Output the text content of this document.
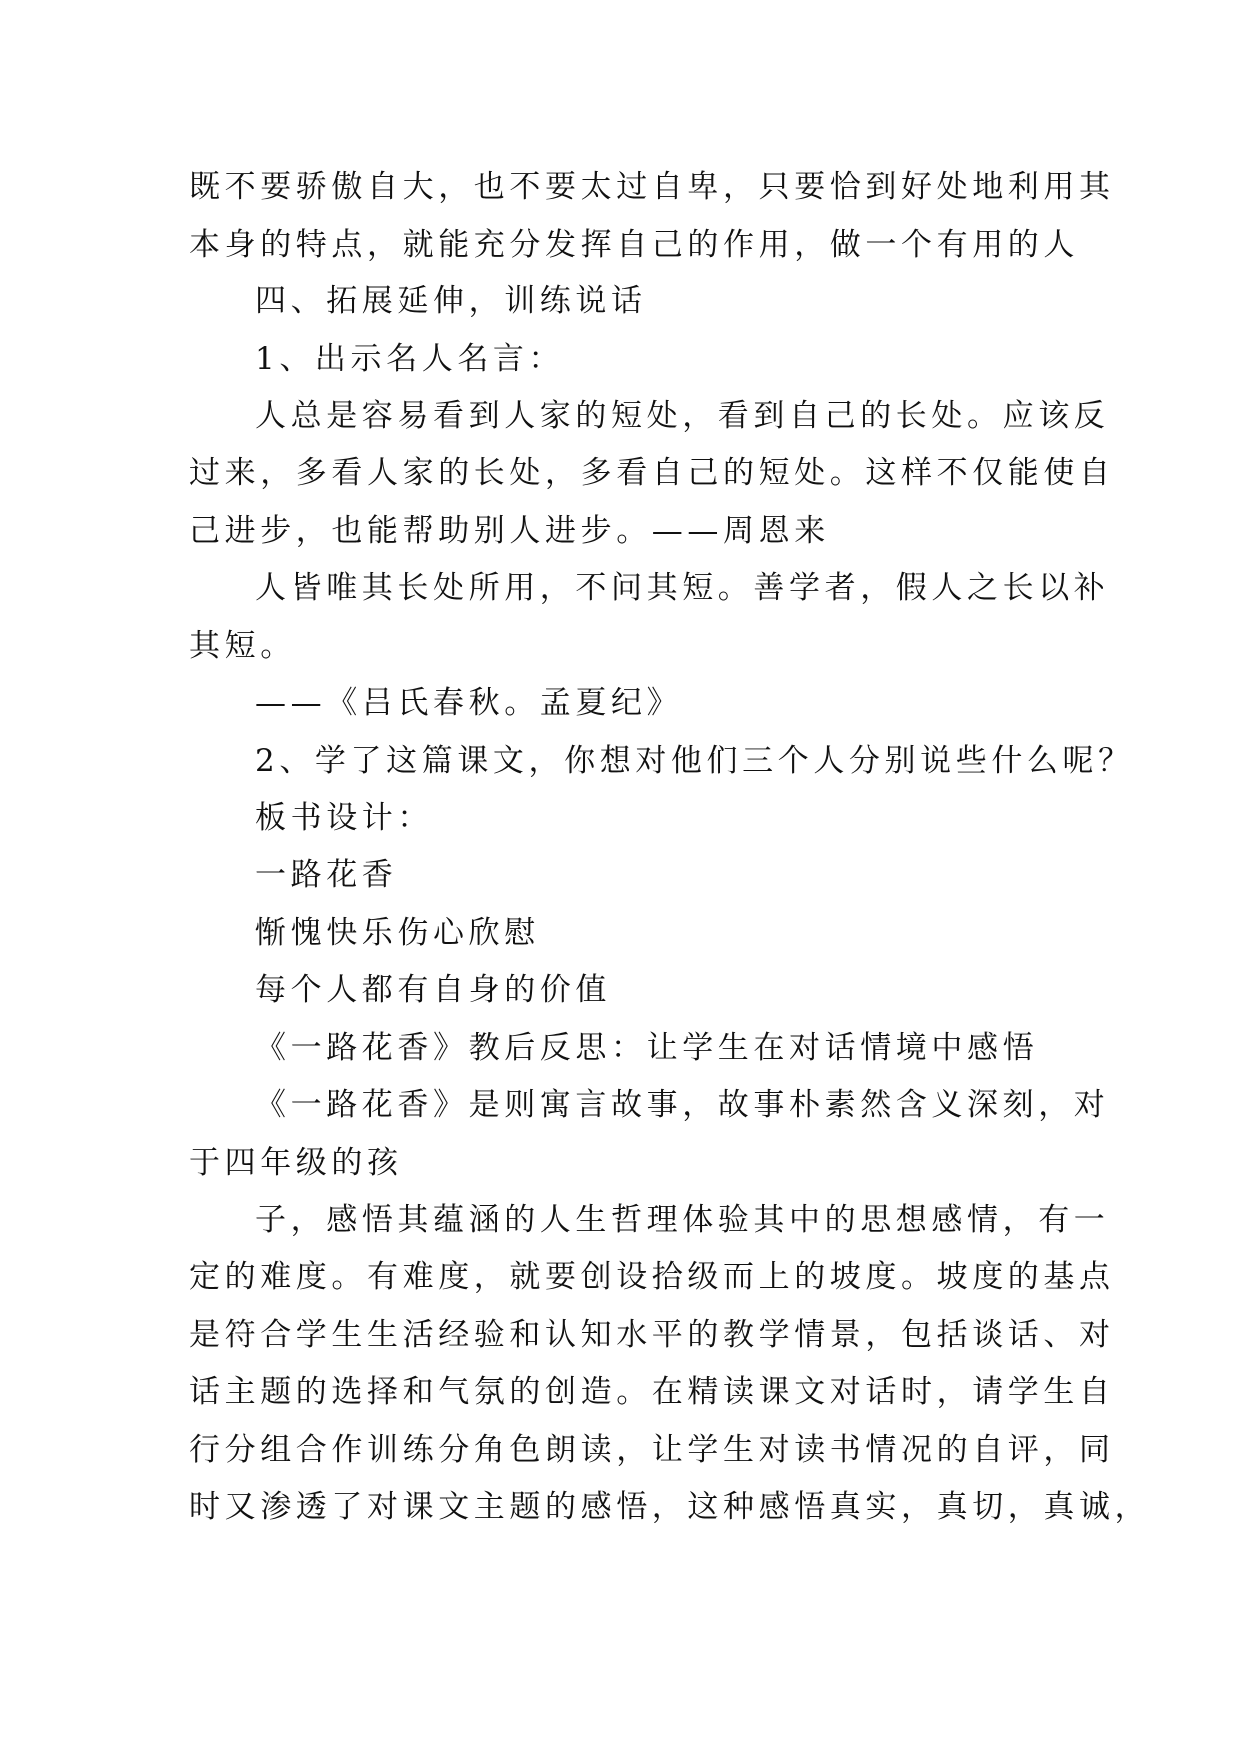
既不要骄傲自大，也不要太过自卑，只要恰到好处地利用其
本身的特点，就能充分发挥自己的作用，做一个有用的人
四、拓展延伸，训练说话
1、出示名人名言：
人总是容易看到人家的短处，看到自己的长处。应该反
过来，多看人家的长处，多看自己的短处。这样不仅能使自
己进步，也能帮助别人进步。——周恩来
人皆唯其长处所用，不问其短。善学者，假人之长以补
其短。
——《吕氏春秋。孟夏纪》
2、学了这篇课文，你想对他们三个人分别说些什么呢？
板书设计：
一路花香
惭愧快乐伤心欣慰
每个人都有自身的价值
《一路花香》教后反思：让学生在对话情境中感悟
《一路花香》是则寓言故事，故事朴素然含义深刻，对
于四年级的孩
子，感悟其蕴涵的人生哲理体验其中的思想感情，有一
定的难度。有难度，就要创设拾级而上的坡度。坡度的基点
是符合学生生活经验和认知水平的教学情景，包括谈话、对
话主题的选择和气氛的创造。在精读课文对话时，请学生自
行分组合作训练分角色朗读，让学生对读书情况的自评，同
时又渗透了对课文主题的感悟，这种感悟真实，真切，真诚，
